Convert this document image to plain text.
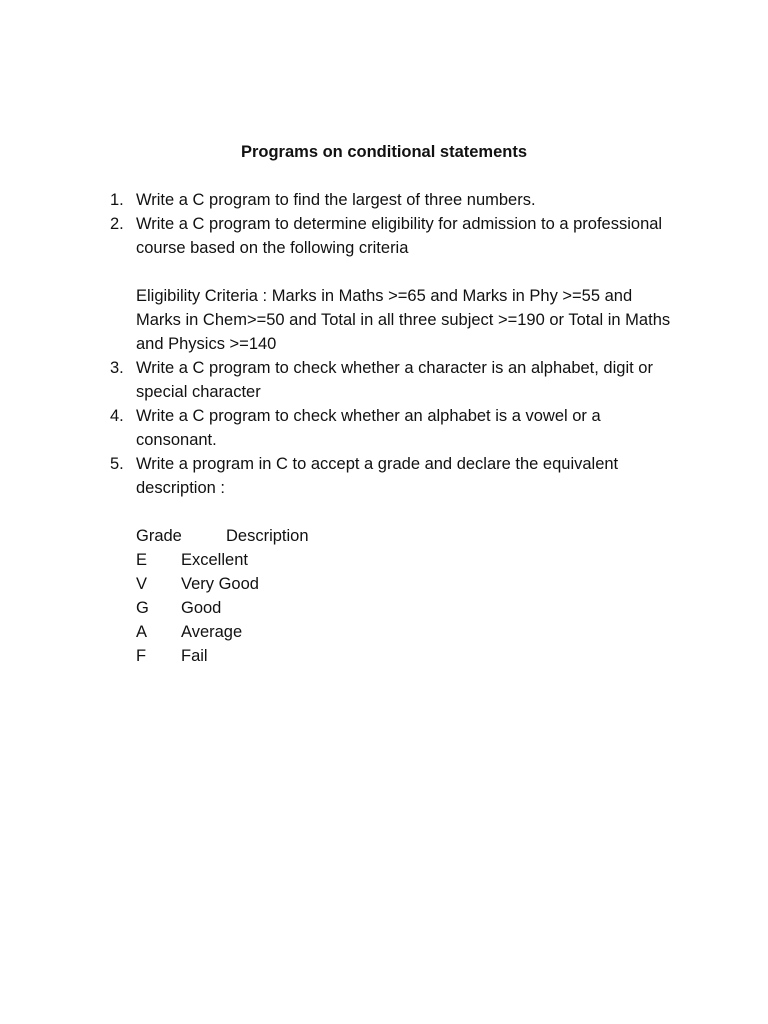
Programs on conditional statements
1. Write a C program to find the largest of three numbers.
2. Write a C program to determine eligibility for admission to a professional course based on the following criteria
Eligibility Criteria : Marks in Maths >=65 and Marks in Phy >=55 and Marks in Chem>=50 and Total in all three subject >=190 or Total in Maths and Physics >=140
3. Write a C program to check whether a character is an alphabet, digit or special character
4. Write a C program to check whether an alphabet is a vowel or a consonant.
5. Write a program in C to accept a grade and declare the equivalent description :
Grade	Description
E	Excellent
V	Very Good
G	Good
A	Average
F	Fail
